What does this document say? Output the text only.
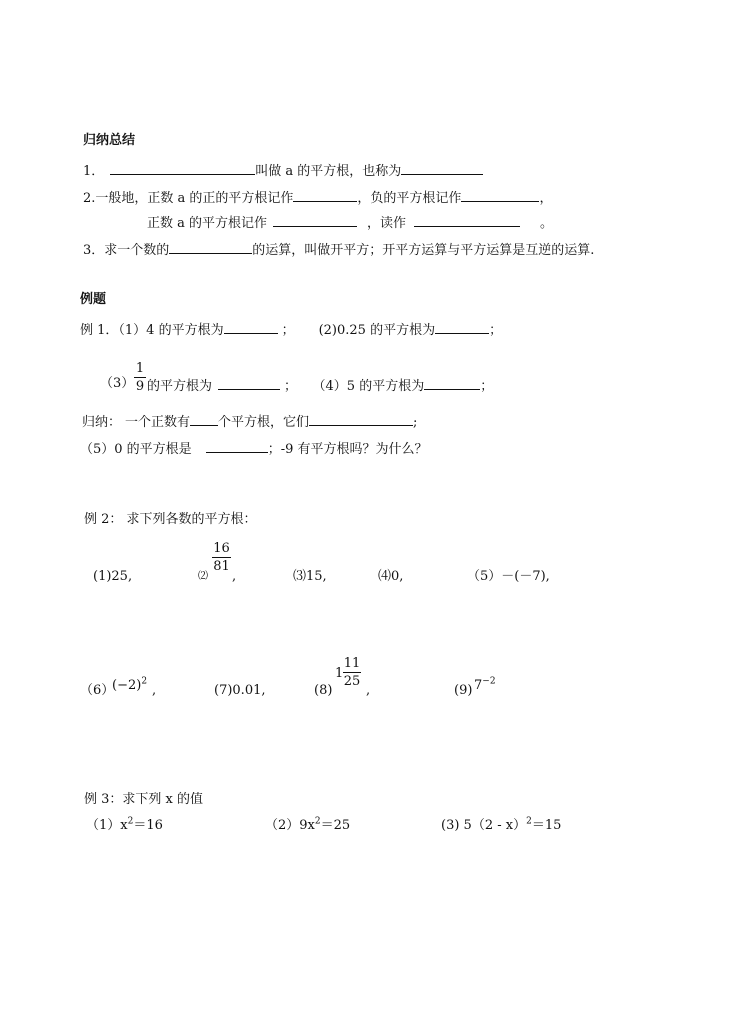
归纳总结
1．	叫做 a 的平方根，也称为
2.一般地，正数 a 的正的平方根记作	，负的平方根记作	，
正数 a 的平方根记作	，读作	。
3．求一个数的	的运算，叫做开平方；开平方运算与平方运算是互逆的运算.
例题
例 1．（1）4 的平方根为	； (2)0.25 的平方根为	；
（3）
1
9 的平方根为	； （4）5 的平方根为	；
归纳： 一个正数有 个平方根，它们	;
（5）0 的平方根是	；-9 有平方根吗？为什么？
例 2： 求下列各数的平方根：
(1)25,	⑵
16
81
,	⑶15,	⑷0,	（5）－(－7),
（6）
$(-2)^2$
,	(7)0.01,	(8)
1
11
25
,	(9) $7^{-2}$
例 3：求下列 x 的值
$(1)x^2=16$	$(2)9x^2=25$	(3) 5（2 - x）$^2$＝15
